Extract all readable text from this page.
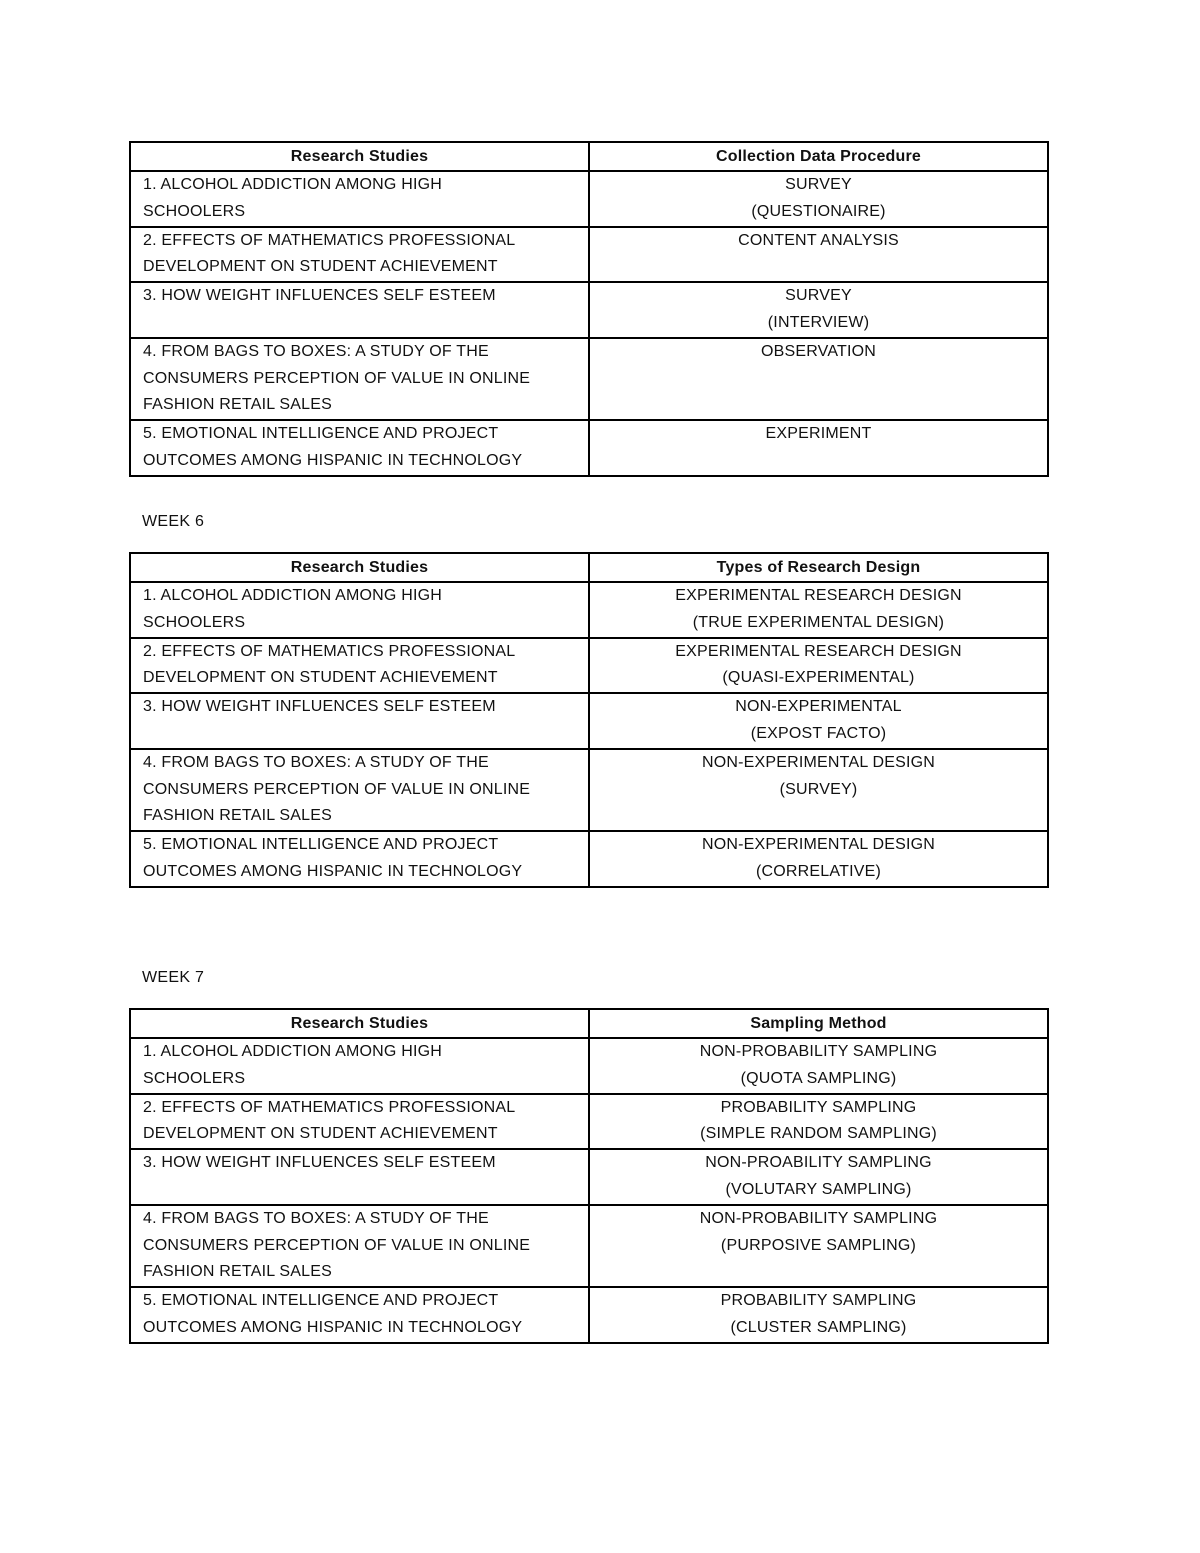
Research Studies	Collection Data Procedure

1. ALCOHOL ADDICTION AMONG HIGH
SCHOOLERS	SURVEY
(QUESTIONAIRE)

2. EFFECTS OF MATHEMATICS PROFESSIONAL
DEVELOPMENT ON STUDENT ACHIEVEMENT	CONTENT ANALYSIS

3. HOW WEIGHT INFLUENCES SELF ESTEEM	SURVEY
(INTERVIEW)

4. FROM BAGS TO BOXES: A STUDY OF THE
CONSUMERS PERCEPTION OF VALUE IN ONLINE
FASHION RETAIL SALES	OBSERVATION

5. EMOTIONAL INTELLIGENCE AND PROJECT
OUTCOMES AMONG HISPANIC IN TECHNOLOGY	EXPERIMENT
WEEK 6
Research Studies	Types of Research Design

1. ALCOHOL ADDICTION AMONG HIGH
SCHOOLERS	EXPERIMENTAL RESEARCH DESIGN
(TRUE EXPERIMENTAL DESIGN)

2. EFFECTS OF MATHEMATICS PROFESSIONAL
DEVELOPMENT ON STUDENT ACHIEVEMENT	EXPERIMENTAL RESEARCH DESIGN
(QUASI-EXPERIMENTAL)

3. HOW WEIGHT INFLUENCES SELF ESTEEM	NON-EXPERIMENTAL
(EXPOST FACTO)

4. FROM BAGS TO BOXES: A STUDY OF THE
CONSUMERS PERCEPTION OF VALUE IN ONLINE
FASHION RETAIL SALES	NON-EXPERIMENTAL DESIGN
(SURVEY)

5. EMOTIONAL INTELLIGENCE AND PROJECT
OUTCOMES AMONG HISPANIC IN TECHNOLOGY	NON-EXPERIMENTAL DESIGN
(CORRELATIVE)
WEEK 7
Research Studies	Sampling Method

1. ALCOHOL ADDICTION AMONG HIGH
SCHOOLERS	NON-PROBABILITY SAMPLING
(QUOTA SAMPLING)

2. EFFECTS OF MATHEMATICS PROFESSIONAL
DEVELOPMENT ON STUDENT ACHIEVEMENT	PROBABILITY SAMPLING
(SIMPLE RANDOM SAMPLING)

3. HOW WEIGHT INFLUENCES SELF ESTEEM	NON-PROABILITY SAMPLING
(VOLUTARY SAMPLING)

4. FROM BAGS TO BOXES: A STUDY OF THE
CONSUMERS PERCEPTION OF VALUE IN ONLINE
FASHION RETAIL SALES	NON-PROBABILITY SAMPLING
(PURPOSIVE SAMPLING)

5. EMOTIONAL INTELLIGENCE AND PROJECT
OUTCOMES AMONG HISPANIC IN TECHNOLOGY	PROBABILITY SAMPLING
(CLUSTER SAMPLING)
